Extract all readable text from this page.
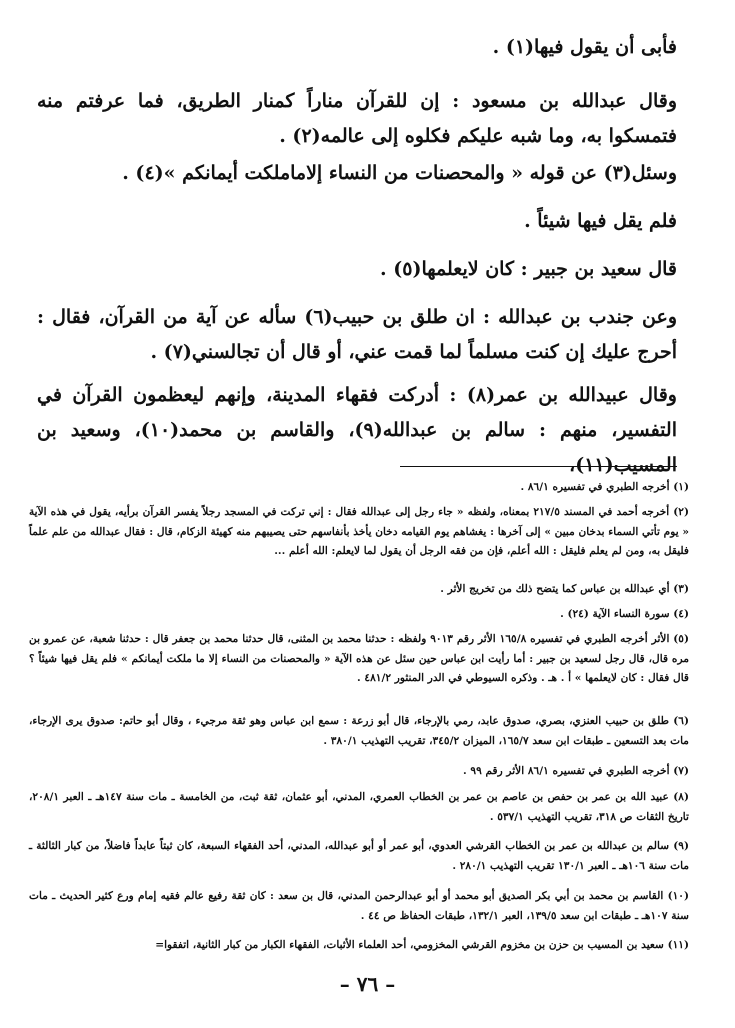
فأبى أن يقول فيها(١) .

وقال عبدالله بن مسعود : إن للقرآن مناراً كمنار الطريق، فما عرفتم منه فتمسكوا به، وما شبه عليكم فكلوه إلى عالمه(٢) .

وسئل(٣) عن قوله « والمحصنات من النساء إلاماملكت أيمانكم »(٤) .

فلم يقل فيها شيئاً .

قال سعيد بن جبير : كان لايعلمها(٥) .

وعن جندب بن عبدالله : ان طلق بن حبيب(٦) سأله عن آية من القرآن، فقال : أحرج عليك إن كنت مسلماً لما قمت عني، أو قال أن تجالسني(٧) .

وقال عبيدالله بن عمر(٨) : أدركت فقهاء المدينة، وإنهم ليعظمون القرآن في التفسير، منهم : سالم بن عبدالله(٩)، والقاسم بن محمد(١٠)، وسعيد بن المسيب(١١)،

(١) أخرجه الطبري في تفسيره ٨٦/١ .

(٢) أخرجه أحمد في المسند ٢١٧/٥ بمعناه، ولفظه « جاء رجل إلى عبدالله فقال : إني تركت في المسجد رجلاً يفسر القرآن برأيه، يقول في هذه الآية « يوم تأتي السماء بدخان مبين » إلى آخرها : يغشاهم يوم القيامه دخان يأخذ بأنفاسهم حتى يصيبهم منه كهيئة الزكام، قال : فقال عبدالله من علم علماً فليقل به، ومن لم يعلم فليقل : الله أعلم، فإن من فقه الرجل أن يقول لما لايعلم: الله أعلم ...

(٣) أي عبدالله بن عباس كما يتضح ذلك من تخريج الأثر .

(٤) سورة النساء الآية (٢٤) .

(٥) الأثر أخرجه الطبري في تفسيره ١٦٥/٨ الأثر رقم ٩٠١٣ ولفظه : حدثنا محمد بن المثنى، قال حدثنا محمد بن جعفر قال : حدثنا شعبة، عن عمرو بن مره قال، قال رجل لسعيد بن جبير : أما رأيت ابن عباس حين سئل عن هذه الآية « والمحصنات من النساء إلا ما ملكت أيمانكم » فلم يقل فيها شيئاً ؟ قال فقال : كان لايعلمها » أ . هـ . وذكره السيوطي في الدر المنثور ٤٨١/٢ .

(٦) طلق بن حبيب العنزي، بصري، صدوق عابد، رمي بالإرجاء، قال أبو زرعة : سمع ابن عباس وهو ثقة مرجيء ، وقال أبو حاتم: صدوق يرى الإرجاء، مات بعد التسعين ـ طبقات ابن سعد ١٦٥/٧، الميزان ٣٤٥/٢، تقريب التهذيب ٣٨٠/١ .

(٧) أخرجه الطبري في تفسيره ٨٦/١ الأثر رقم ٩٩ .

(٨) عبيد الله بن عمر بن حفص بن عاصم بن عمر بن الخطاب العمري، المدني، أبو عثمان، ثقة ثبت، من الخامسة ـ مات سنة ١٤٧هـ ـ العبر ٢٠٨/١، تاريخ الثقات ص ٣١٨، تقريب التهذيب ٥٣٧/١ .

(٩) سالم بن عبدالله بن عمر بن الخطاب القرشي العدوي، أبو عمر أو أبو عبدالله، المدني، أحد الفقهاء السبعة، كان ثبتاً عابداً فاضلاً، من كبار الثالثة ـ مات سنة ١٠٦هـ ـ العبر ١٣٠/١ تقريب التهذيب ٢٨٠/١ .

(١٠) القاسم بن محمد بن أبي بكر الصديق أبو محمد أو أبو عبدالرحمن المدني، قال بن سعد : كان ثقة رفيع عالم فقيه إمام ورع كثير الحديث ـ مات سنة ١٠٧هـ ـ طبقات ابن سعد ١٣٩/٥، العبر ١٣٢/١، طبقات الحفاظ ص ٤٤ .

(١١) سعيد بن المسيب بن حزن بن مخزوم القرشي المخزومي، أحد العلماء الأثبات، الفقهاء الكبار من كبار الثانية، اتفقوا=

– ٧٦ –
